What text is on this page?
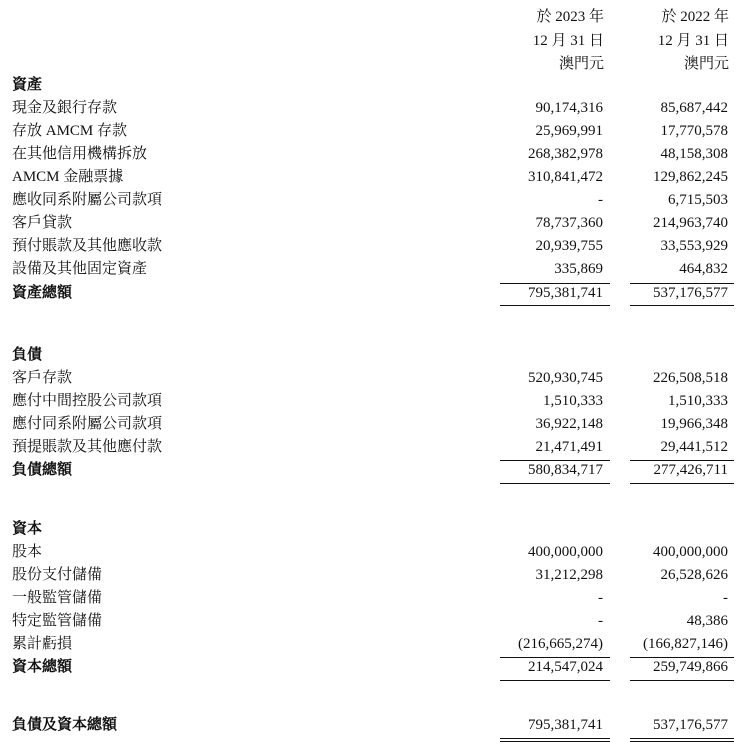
於 2023 年
12 月 31 日
澳門元
於 2022 年
12 月 31 日
澳門元
資產
現金及銀行存款	90,174,316	85,687,442
存放 AMCM 存款	25,969,991	17,770,578
在其他信用機構拆放	268,382,978	48,158,308
AMCM 金融票據	310,841,472	129,862,245
應收同系附屬公司款項	-	6,715,503
客戶貸款	78,737,360	214,963,740
預付賬款及其他應收款	20,939,755	33,553,929
設備及其他固定資產	335,869	464,832
資產總額	795,381,741	537,176,577
負債
客戶存款	520,930,745	226,508,518
應付中間控股公司款項	1,510,333	1,510,333
應付同系附屬公司款項	36,922,148	19,966,348
預提賬款及其他應付款	21,471,491	29,441,512
負債總額	580,834,717	277,426,711
資本
股本	400,000,000	400,000,000
股份支付儲備	31,212,298	26,528,626
一般監管儲備	-	-
特定監管儲備	-	48,386
累計虧損	(216,665,274)	(166,827,146)
資本總額	214,547,024	259,749,866
負債及資本總額	795,381,741	537,176,577
